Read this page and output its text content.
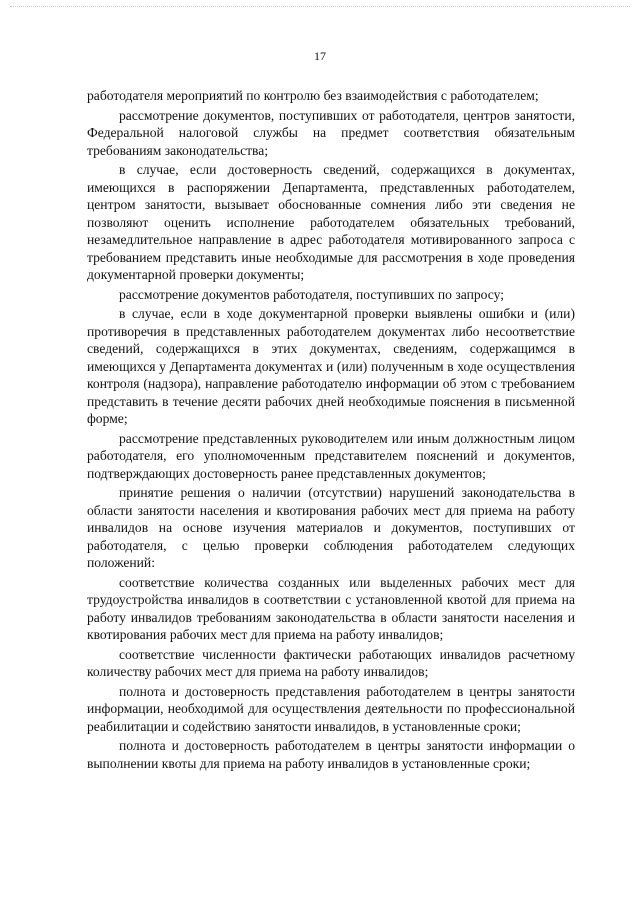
17

работодателя мероприятий по контролю без взаимодействия с работодателем;

рассмотрение документов, поступивших от работодателя, центров занятости, Федеральной налоговой службы на предмет соответствия обязательным требованиям законодательства;

в случае, если достоверность сведений, содержащихся в документах, имеющихся в распоряжении Департамента, представленных работодателем, центром занятости, вызывает обоснованные сомнения либо эти сведения не позволяют оценить исполнение работодателем обязательных требований, незамедлительное направление в адрес работодателя мотивированного запроса с требованием представить иные необходимые для рассмотрения в ходе проведения документарной проверки документы;

рассмотрение документов работодателя, поступивших по запросу;

в случае, если в ходе документарной проверки выявлены ошибки и (или) противоречия в представленных работодателем документах либо несоответствие сведений, содержащихся в этих документах, сведениям, содержащимся в имеющихся у Департамента документах и (или) полученным в ходе осуществления контроля (надзора), направление работодателю информации об этом с требованием представить в течение десяти рабочих дней необходимые пояснения в письменной форме;

рассмотрение представленных руководителем или иным должностным лицом работодателя, его уполномоченным представителем пояснений и документов, подтверждающих достоверность ранее представленных документов;

принятие решения о наличии (отсутствии) нарушений законодательства в области занятости населения и квотирования рабочих мест для приема на работу инвалидов на основе изучения материалов и документов, поступивших от работодателя, с целью проверки соблюдения работодателем следующих положений:

соответствие количества созданных или выделенных рабочих мест для трудоустройства инвалидов в соответствии с установленной квотой для приема на работу инвалидов требованиям законодательства в области занятости населения и квотирования рабочих мест для приема на работу инвалидов;

соответствие численности фактически работающих инвалидов расчетному количеству рабочих мест для приема на работу инвалидов;

полнота и достоверность представления работодателем в центры занятости информации, необходимой для осуществления деятельности по профессиональной реабилитации и содействию занятости инвалидов, в установленные сроки;

полнота и достоверность работодателем в центры занятости информации о выполнении квоты для приема на работу инвалидов в установленные сроки;
